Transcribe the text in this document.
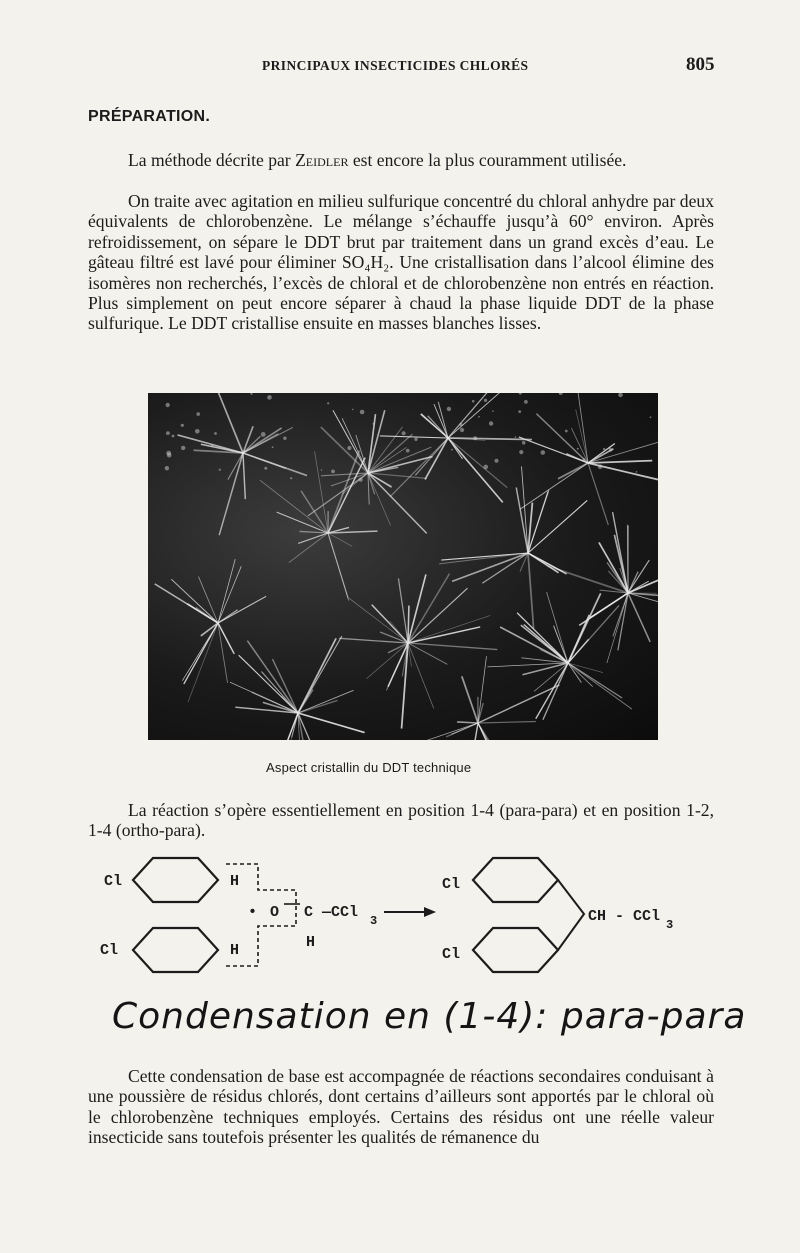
PRINCIPAUX INSECTICIDES CHLORÉS	805
PRÉPARATION.

La méthode décrite par Zeidler est encore la plus couramment utilisée.

On traite avec agitation en milieu sulfurique concentré du chloral anhydre par deux équivalents de chlorobenzène. Le mélange s’échauffe jusqu’à 60° environ. Après refroidissement, on sépare le DDT brut par traitement dans un grand excès d’eau. Le gâteau filtré est lavé pour éliminer SO₄H₂. Une cristallisation dans l’alcool élimine des isomères non recherchés, l’excès de chloral et de chlorobenzène non entrés en réaction. Plus simplement on peut encore séparer à chaud la phase liquide DDT de la phase sulfurique. Le DDT cristallise ensuite en masses blanches lisses.

Aspect cristallin du DDT technique

La réaction s’opère essentiellement en position 1-4 (para-para) et en position 1-2, 1-4 (ortho-para).

Cl
Cl
H
H
• O C —CCl 3
H
Cl
Cl
CH - CCl 3
Condensation en (1-4): para-para

Cette condensation de base est accompagnée de réactions secondaires conduisant à une poussière de résidus chlorés, dont certains d’ailleurs sont apportés par le chloral où le chlorobenzène techniques employés. Certains des résidus ont une réelle valeur insecticide sans toutefois présenter les qualités de rémanence du
